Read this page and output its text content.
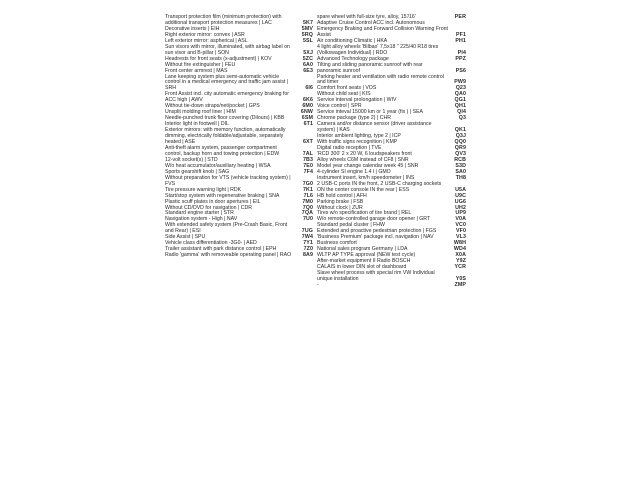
Transport protection film (minimum protection) with additional transport protection measures | LAC	5K7
Decorative inserts | EIH	5MV
Right exterior mirror: convex | ASR	5RQ
Left exterior mirror: aspherical | ASL	5SL
Sun visors with mirror, illuminated, with airbag label on sun visor and B-pillar | SON	5XJ
Headrests for front seats (x-adjustment) | KOV	5ZC
Without fire extinguisher | FEU	6A0
Front center armrest | MAS	6E3
Lane keeping system plus semi-automatic vehicle control in a medical emergency and traffic jam assist | SRH	6I6
Front Assist incl. city automatic emergency braking for ACC high | AWV	6K6
Without tie-down straps/net/pocket | GPS	6M0
Unsplit molding roof liner | HIM	6NW
Needle-punched trunk floor covering (Dilours) | KBB	6SM
Interior light in footwell | DIL	6T1
Exterior mirrors: with memory function, automatically dimming, electrically foldable/adjustable, separately heated | ASE	6XT
Anti-theft alarm system, passenger compartment control, backup horn and towing protection | EDW	7AL
12-volt socket(s) | STD	7B3
W/o heat accumulator/auxiliary heating | WSA	7E0
Sports gearshift knob | SAG	7F4
Without preparation for VTS (vehicle tracking system) | FVS	7G0
Tire pressure warning light | RDK	7K1
Start/stop system with regenerative braking | SNA	7L6
Plastic scuff plates in door apertures | EIL	7M0
Without CD/DVD for navigation | CDR	7Q0
Standard engine starter | STR	7QA
Navigation system - High | NAV	7U0
With extended safety system (Pre-Crash Basic, Front and Rear) | ESI	7UG
Side Assist | SPU	7W4
Vehicle class differentiation -3G0- | AED	7Y1
Trailer assistant with park distance control | EPH	7Z0
Radio 'gamma' with removeable operating panel | RAO	8A9
spare wheel with full-size tyre, alloy, 15'/16'	PER
Adaptive Cruise Control ACC incl. Autonomous Emergency Braking and Forward Collision Warning Front Assist	PF1
Air conditioning Climatic | HKA	PH1
4 light alloy wheels 'Bilbao' 7,5x18 " 225/40 R18 tires (Volkswagen Individual) | RDO	PI4
Advanced Technology package	PPZ
Tilting and sliding panoramic sunroof with rear panoramic sunroof	PS6
Parking heater and ventilation with radio remote control and timer	PW9
Comfort front seats | VOS	Q23
Without child seat | KIS	QA0
Service interval prolongation | WIV	QG1
Voice control | SPR	QH1
Service inteval 15000 km or 1 year (fix ) | SEA	QI4
Chrome package (type 2) | CHR	Q3
Camera and/or distance sensor (driver assistance system) | KAS	QK1
Interior ambient lighting, type 2 | ICP	Q3J
With traffic signs recognition | KMP	QQ0
Digital radio reception | TVE	QR9
'RCD 300' 2 x 20 W, 6 loudspeakers front	QV3
Alloy wheels C6M instead of CF8 | SNR	RCB
Model year change calendar week 45 | SNR	S3D
4-cylinder SI engine 1.4 l | GMO	SA0
Instrument insert, km/h speedometer | INS	TH8
2 USB-C ports IN the front, 2 USB-C charging sockets ON the center console IN the rear | ESS	U5A
HB hold control | AFH	U9C
Parking brake | FSB	UG6
Without clock | ZUR	UH2
Tires w/o specification of tire brand | REL	UP9
W/o remote-controlled garage door opener | GRT	V0A
Standard pedal cluster | FHW	VC0
Extended and proactive pedestrian protection | FGS	VF0
'Business Premium' package incl. navigation | NAV	VL3
Business comfort	W8H
National sales program Germany | LDA	WD4
WLTP AP TYPE approval (NEW test cycle)	X0A
After-market equipment II Radio BOSCH	Y9Z
CALAIS in lower DIN slot of dashboard	YCR
Slave wheel process with special rim VW Individual unique installation	Y0S
-	ZMP
